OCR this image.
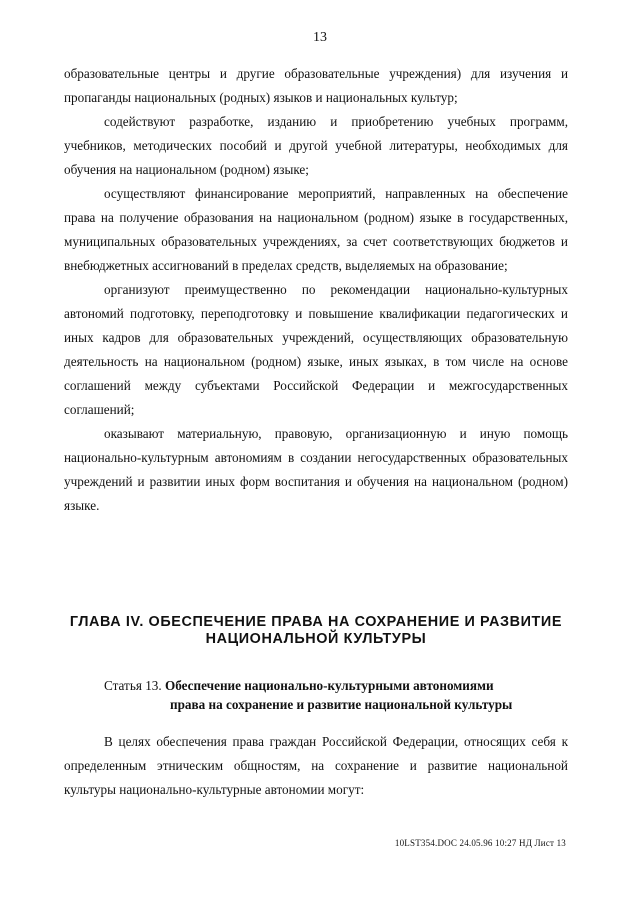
13

образовательные центры и другие образовательные учреждения) для изучения и пропаганды национальных (родных) языков и национальных культур;

содействуют разработке, изданию и приобретению учебных программ, учебников, методических пособий и другой учебной литературы, необходимых для обучения на национальном (родном) языке;

осуществляют финансирование мероприятий, направленных на обеспечение права на получение образования на национальном (родном) языке в государственных, муниципальных образовательных учреждениях, за счет соответствующих бюджетов и внебюджетных ассигнований в пределах средств, выделяемых на образование;

организуют преимущественно по рекомендации национально-культурных автономий подготовку, переподготовку и повышение квалификации педагогических и иных кадров для образовательных учреждений, осуществляющих образовательную деятельность на национальном (родном) языке, иных языках, в том числе на основе соглашений между субъектами Российской Федерации и межгосударственных соглашений;

оказывают материальную, правовую, организационную и иную помощь национально-культурным автономиям в создании негосударственных образовательных учреждений и развитии иных форм воспитания и обучения на национальном (родном) языке.

ГЛАВА IV. ОБЕСПЕЧЕНИЕ ПРАВА НА СОХРАНЕНИЕ И РАЗВИТИЕ НАЦИОНАЛЬНОЙ КУЛЬТУРЫ
Статья 13. Обеспечение национально-культурными автономиями
права на сохранение и развитие национальной культуры

В целях обеспечения права граждан Российской Федерации, относящих себя к определенным этническим общностям, на сохранение и развитие национальной культуры национально-культурные автономии могут:

10LST354.DOC 24.05.96 10:27 НД Лист 13
